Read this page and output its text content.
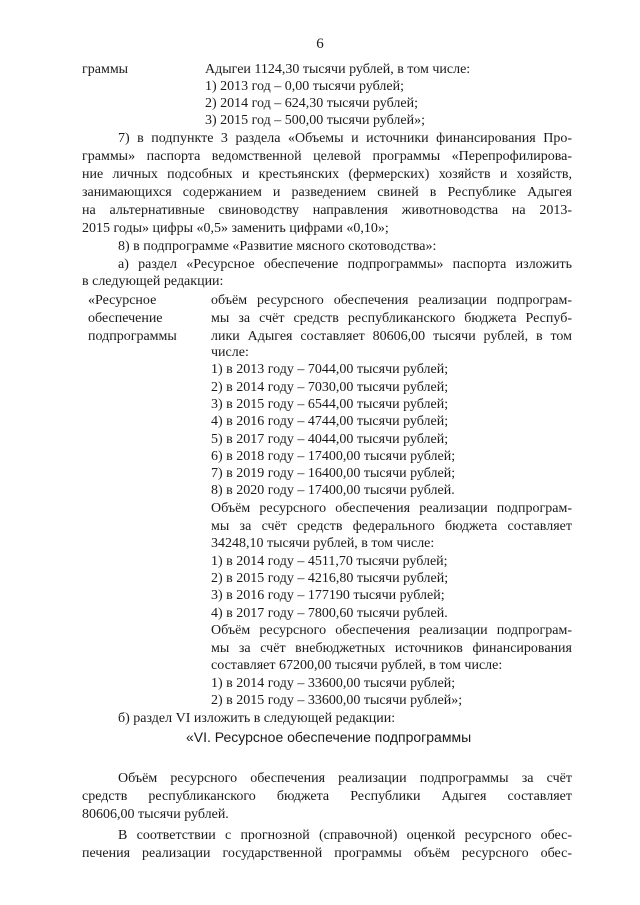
6
граммы	Адыгеи 1124,30 тысячи рублей, в том числе:
1) 2013 год – 0,00 тысячи рублей;
2) 2014 год – 624,30 тысячи рублей;
3) 2015 год – 500,00 тысячи рублей»;
7) в подпункте 3 раздела «Объемы и источники финансирования Про-
граммы» паспорта ведомственной целевой программы «Перепрофилирова-
ние личных подсобных и крестьянских (фермерских) хозяйств и хозяйств,
занимающихся содержанием и разведением свиней в Республике Адыгея
на альтернативные свиноводству направления животноводства на 2013-
2015 годы» цифры «0,5» заменить цифрами «0,10»;
8) в подпрограмме «Развитие мясного скотоводства»:
а) раздел «Ресурсное обеспечение подпрограммы» паспорта изложить
в следующей редакции:
«Ресурсное
обеспечение
подпрограммы
объём ресурсного обеспечения реализации подпрограм-
мы за счёт средств республиканского бюджета Респуб-
лики Адыгея составляет 80606,00 тысячи рублей, в том
числе:
1) в 2013 году – 7044,00 тысячи рублей;
2) в 2014 году – 7030,00 тысячи рублей;
3) в 2015 году – 6544,00 тысячи рублей;
4) в 2016 году – 4744,00 тысячи рублей;
5) в 2017 году – 4044,00 тысячи рублей;
6) в 2018 году – 17400,00 тысячи рублей;
7) в 2019 году – 16400,00 тысячи рублей;
8) в 2020 году – 17400,00 тысячи рублей.
Объём ресурсного обеспечения реализации подпрограм-
мы за счёт средств федерального бюджета составляет
34248,10 тысячи рублей, в том числе:
1) в 2014 году – 4511,70 тысячи рублей;
2) в 2015 году – 4216,80 тысячи рублей;
3) в 2016 году – 177190 тысячи рублей;
4) в 2017 году – 7800,60 тысячи рублей.
Объём ресурсного обеспечения реализации подпрограм-
мы за счёт внебюджетных источников финансирования
составляет 67200,00 тысячи рублей, в том числе:
1) в 2014 году – 33600,00 тысячи рублей;
2) в 2015 году – 33600,00 тысячи рублей»;
б) раздел VI изложить в следующей редакции:
«VI. Ресурсное обеспечение подпрограммы
Объём ресурсного обеспечения реализации подпрограммы за счёт
средств республиканского бюджета Республики Адыгея составляет
80606,00 тысячи рублей.
В соответствии с прогнозной (справочной) оценкой ресурсного обес-
печения реализации государственной программы объём ресурсного обес-
